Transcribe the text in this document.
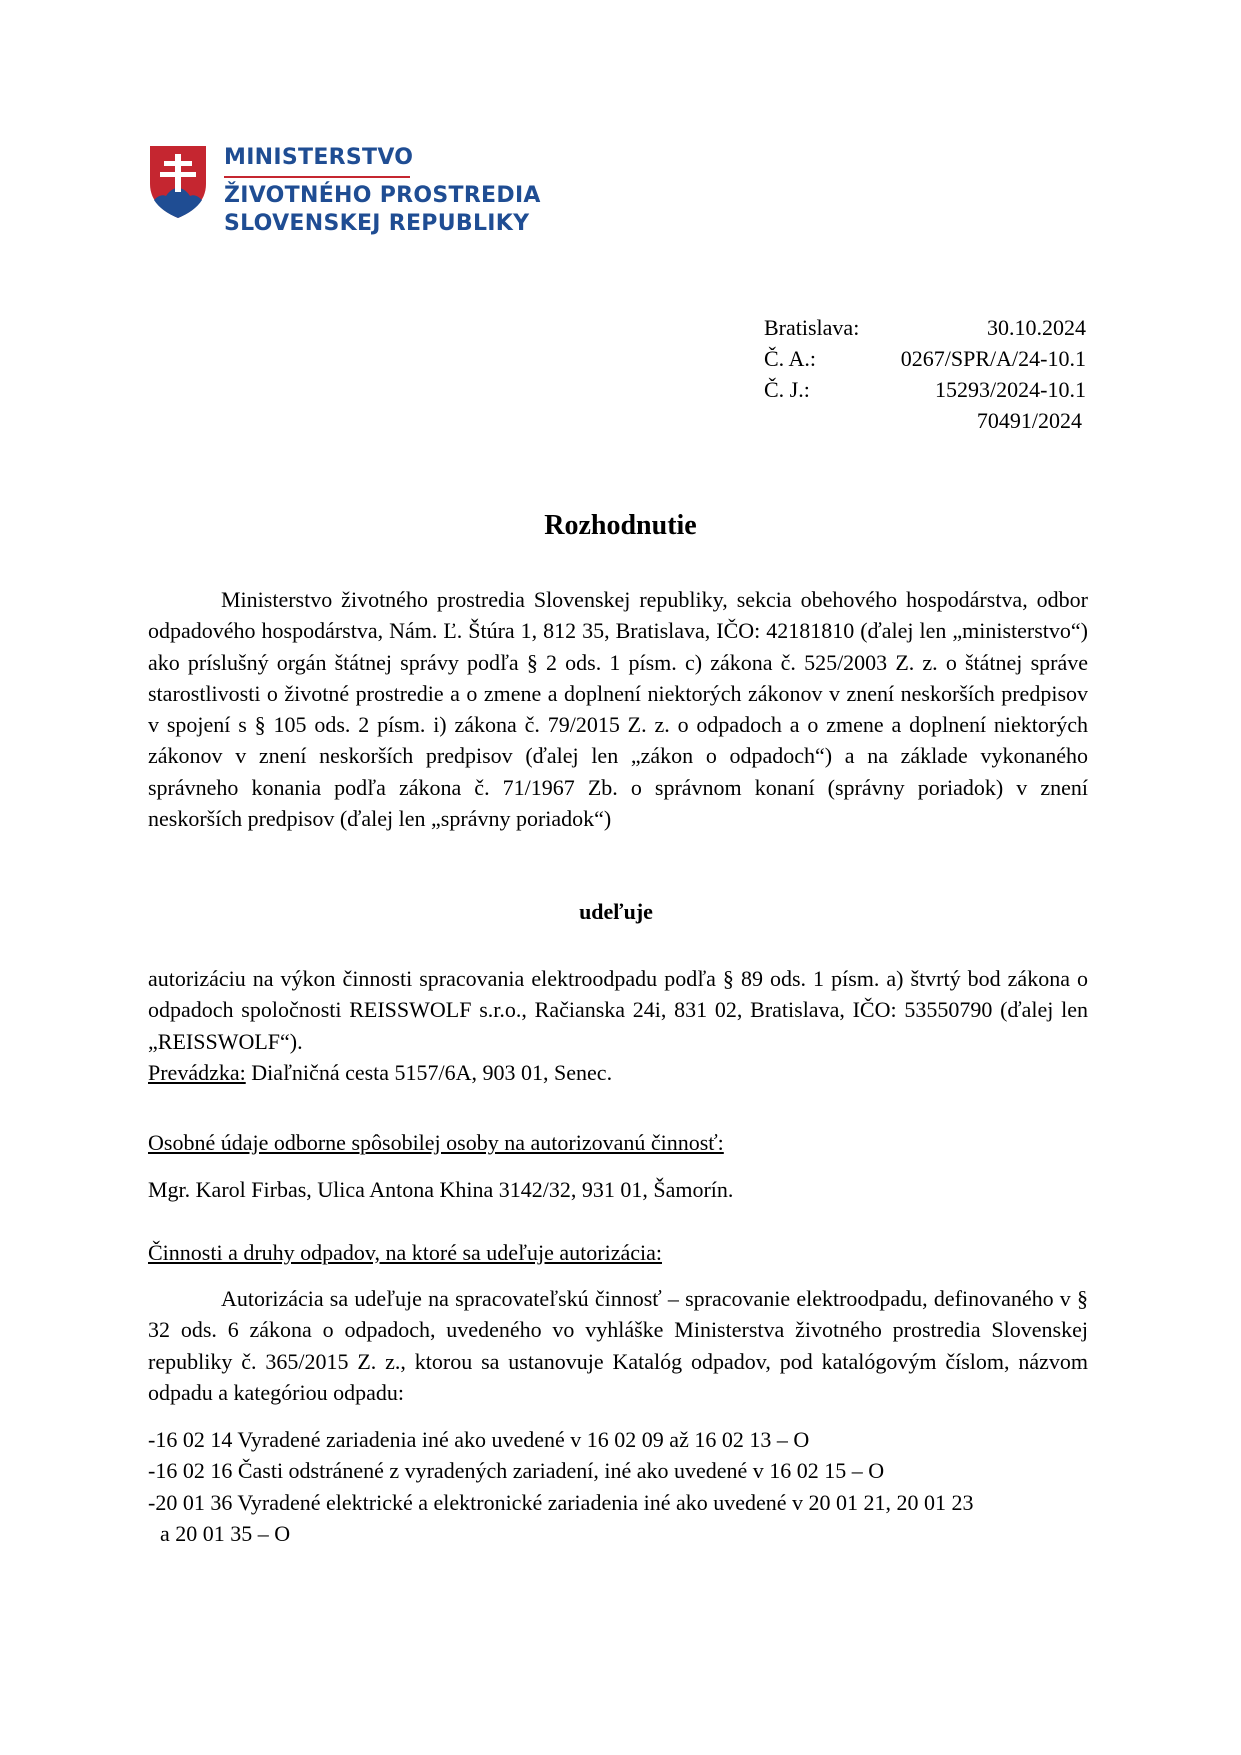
MINISTERSTVO
ŽIVOTNÉHO PROSTREDIA
SLOVENSKEJ REPUBLIKY
Bratislava:	30.10.2024
Č. A.:	0267/SPR/A/24-10.1
Č. J.:	15293/2024-10.1
70491/2024
Rozhodnutie
Ministerstvo životného prostredia Slovenskej republiky, sekcia obehového hospodárstva, odbor odpadového hospodárstva, Nám. Ľ. Štúra 1, 812 35, Bratislava, IČO: 42181810 (ďalej len „ministerstvo“) ako príslušný orgán štátnej správy podľa § 2 ods. 1 písm. c) zákona č. 525/2003 Z. z. o štátnej správe starostlivosti o životné prostredie a o zmene a doplnení niektorých zákonov v znení neskorších predpisov v spojení s § 105 ods. 2 písm. i) zákona č. 79/2015 Z. z. o odpadoch a o zmene a doplnení niektorých zákonov v znení neskorších predpisov (ďalej len „zákon o odpadoch“) a na základe vykonaného správneho konania podľa zákona č. 71/1967 Zb. o správnom konaní (správny poriadok) v znení neskorších predpisov (ďalej len „správny poriadok“)
udeľuje
autorizáciu na výkon činnosti spracovania elektroodpadu podľa § 89 ods. 1 písm. a) štvrtý bod zákona o odpadoch spoločnosti REISSWOLF s.r.o., Račianska 24i, 831 02, Bratislava, IČO: 53550790 (ďalej len „REISSWOLF“).
Prevádzka: Diaľničná cesta 5157/6A, 903 01, Senec.
Osobné údaje odborne spôsobilej osoby na autorizovanú činnosť:
Mgr. Karol Firbas, Ulica Antona Khina 3142/32, 931 01, Šamorín.
Činnosti a druhy odpadov, na ktoré sa udeľuje autorizácia:
Autorizácia sa udeľuje na spracovateľskú činnosť – spracovanie elektroodpadu, definovaného v § 32 ods. 6 zákona o odpadoch, uvedeného vo vyhláške Ministerstva životného prostredia Slovenskej republiky č. 365/2015 Z. z., ktorou sa ustanovuje Katalóg odpadov, pod katalógovým číslom, názvom odpadu a kategóriou odpadu:
-16 02 14 Vyradené zariadenia iné ako uvedené v 16 02 09 až 16 02 13 – O
-16 02 16 Časti odstránené z vyradených zariadení, iné ako uvedené v 16 02 15 – O
-20 01 36 Vyradené elektrické a elektronické zariadenia iné ako uvedené v 20 01 21, 20 01 23
a 20 01 35 – O
